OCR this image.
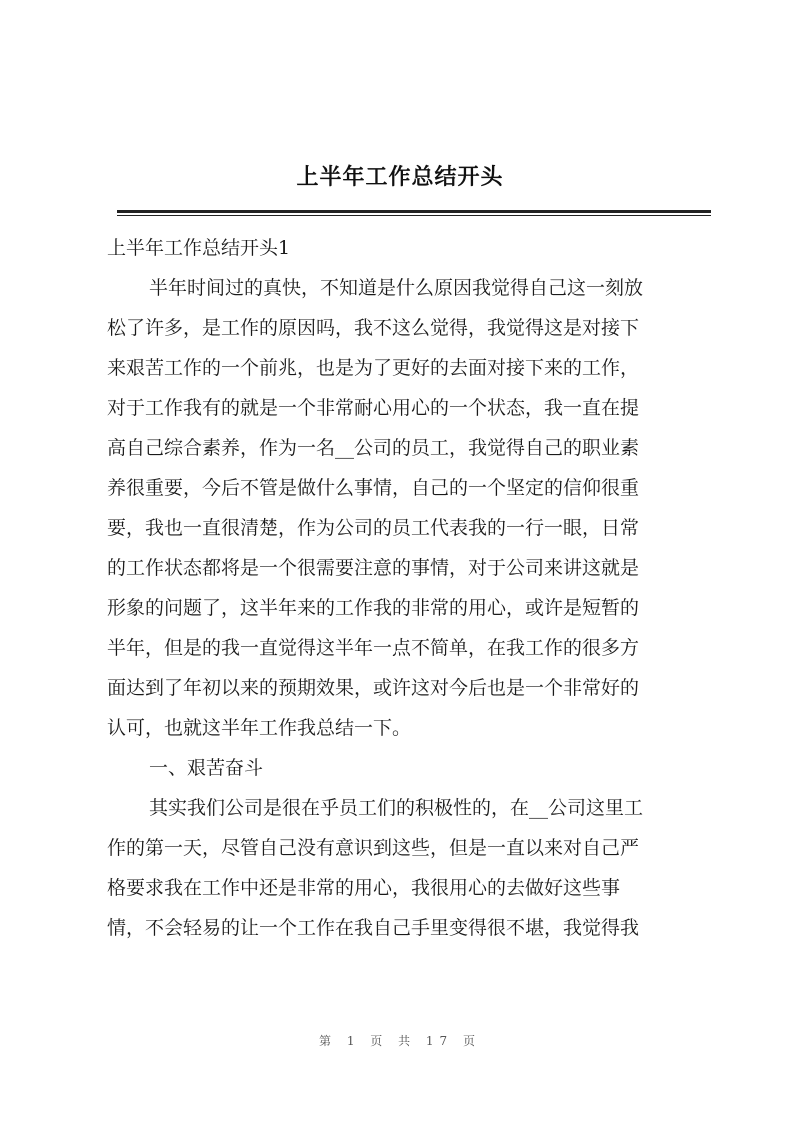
上半年工作总结开头
上半年工作总结开头1
半年时间过的真快，不知道是什么原因我觉得自己这一刻放
松了许多，是工作的原因吗，我不这么觉得，我觉得这是对接下
来艰苦工作的一个前兆，也是为了更好的去面对接下来的工作，
对于工作我有的就是一个非常耐心用心的一个状态，我一直在提
高自己综合素养，作为一名__公司的员工，我觉得自己的职业素
养很重要，今后不管是做什么事情，自己的一个坚定的信仰很重
要，我也一直很清楚，作为公司的员工代表我的一行一眼，日常
的工作状态都将是一个很需要注意的事情，对于公司来讲这就是
形象的问题了，这半年来的工作我的非常的用心，或许是短暂的
半年，但是的我一直觉得这半年一点不简单，在我工作的很多方
面达到了年初以来的预期效果，或许这对今后也是一个非常好的
认可，也就这半年工作我总结一下。
一、艰苦奋斗
其实我们公司是很在乎员工们的积极性的，在__公司这里工
作的第一天，尽管自己没有意识到这些，但是一直以来对自己严
格要求我在工作中还是非常的用心，我很用心的去做好这些事
情，不会轻易的让一个工作在我自己手里变得很不堪，我觉得我
第 1 页 共 17 页
